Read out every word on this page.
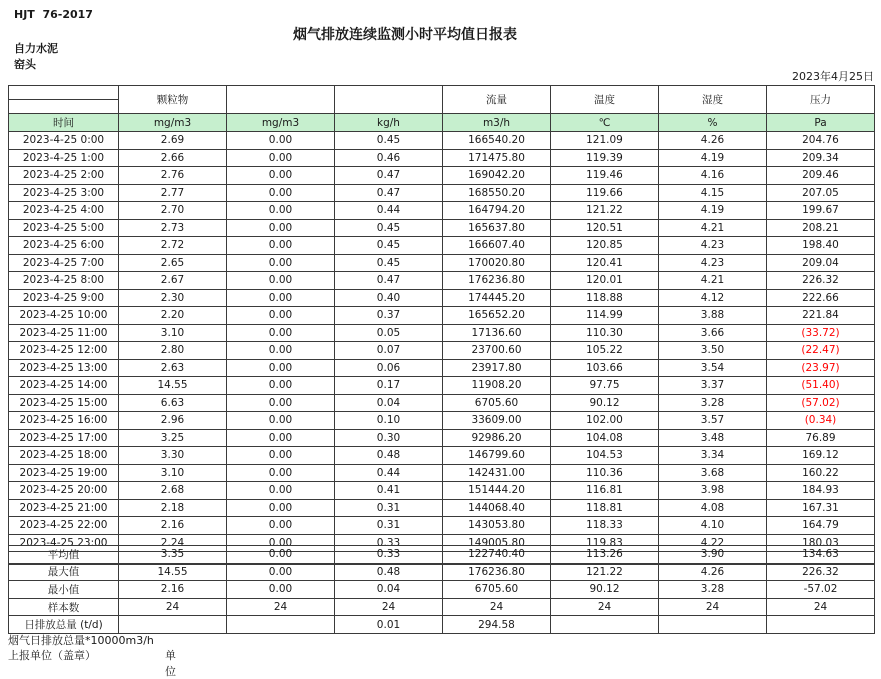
HJT  76-2017
烟气排放连续监测小时平均值日报表
自力水泥
窑头
2023年4月25日
	颗粒物			流量	温度	湿度	压力
时间	mg/m3	mg/m3	kg/h	m3/h	℃	%	Pa
2023-4-25 0:00	2.69	0.00	0.45	166540.20	121.09	4.26	204.76
2023-4-25 1:00	2.66	0.00	0.46	171475.80	119.39	4.19	209.34
2023-4-25 2:00	2.76	0.00	0.47	169042.20	119.46	4.16	209.46
2023-4-25 3:00	2.77	0.00	0.47	168550.20	119.66	4.15	207.05
2023-4-25 4:00	2.70	0.00	0.44	164794.20	121.22	4.19	199.67
2023-4-25 5:00	2.73	0.00	0.45	165637.80	120.51	4.21	208.21
2023-4-25 6:00	2.72	0.00	0.45	166607.40	120.85	4.23	198.40
2023-4-25 7:00	2.65	0.00	0.45	170020.80	120.41	4.23	209.04
2023-4-25 8:00	2.67	0.00	0.47	176236.80	120.01	4.21	226.32
2023-4-25 9:00	2.30	0.00	0.40	174445.20	118.88	4.12	222.66
2023-4-25 10:00	2.20	0.00	0.37	165652.20	114.99	3.88	221.84
2023-4-25 11:00	3.10	0.00	0.05	17136.60	110.30	3.66	(33.72)
2023-4-25 12:00	2.80	0.00	0.07	23700.60	105.22	3.50	(22.47)
2023-4-25 13:00	2.63	0.00	0.06	23917.80	103.66	3.54	(23.97)
2023-4-25 14:00	14.55	0.00	0.17	11908.20	97.75	3.37	(51.40)
2023-4-25 15:00	6.63	0.00	0.04	6705.60	90.12	3.28	(57.02)
2023-4-25 16:00	2.96	0.00	0.10	33609.00	102.00	3.57	(0.34)
2023-4-25 17:00	3.25	0.00	0.30	92986.20	104.08	3.48	76.89
2023-4-25 18:00	3.30	0.00	0.48	146799.60	104.53	3.34	169.12
2023-4-25 19:00	3.10	0.00	0.44	142431.00	110.36	3.68	160.22
2023-4-25 20:00	2.68	0.00	0.41	151444.20	116.81	3.98	184.93
2023-4-25 21:00	2.18	0.00	0.31	144068.40	118.81	4.08	167.31
2023-4-25 22:00	2.16	0.00	0.31	143053.80	118.33	4.10	164.79
2023-4-25 23:00	2.24	0.00	0.33	149005.80	119.83	4.22	180.03

平均值	3.35	0.00	0.33	122740.40	113.26	3.90	134.63
最大值	14.55	0.00	0.48	176236.80	121.22	4.26	226.32
最小值	2.16	0.00	0.04	6705.60	90.12	3.28	-57.02
样本数	24	24	24	24	24	24	24
日排放总量 (t/d)			0.01	294.58			
烟气日排放总量*10000m3/h
上报单位（盖章）	单位
